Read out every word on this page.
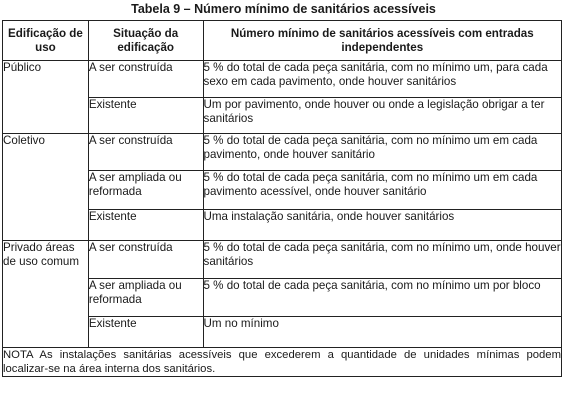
Tabela 9 – Número mínimo de sanitários acessíveis
Edificação de uso	Situação da edificação	Número mínimo de sanitários acessíveis com entradas independentes
Público	A ser construída	5 % do total de cada peça sanitária, com no mínimo um, para cada sexo em cada pavimento, onde houver sanitários
	Existente	Um por pavimento, onde houver ou onde a legislação obrigar a ter sanitários
Coletivo	A ser construída	5 % do total de cada peça sanitária, com no mínimo um em cada pavimento, onde houver sanitário
	A ser ampliada ou reformada	5 % do total de cada peça sanitária, com no mínimo um em cada pavimento acessível, onde houver sanitário
	Existente	Uma instalação sanitária, onde houver sanitários
Privado áreas de uso comum	A ser construída	5 % do total de cada peça sanitária, com no mínimo um, onde houver sanitários
	A ser ampliada ou reformada	5 % do total de cada peça sanitária, com no mínimo um por bloco
	Existente	Um no mínimo
NOTA As instalações sanitárias acessíveis que excederem a quantidade de unidades mínimas podem localizar-se na área interna dos sanitários.		
